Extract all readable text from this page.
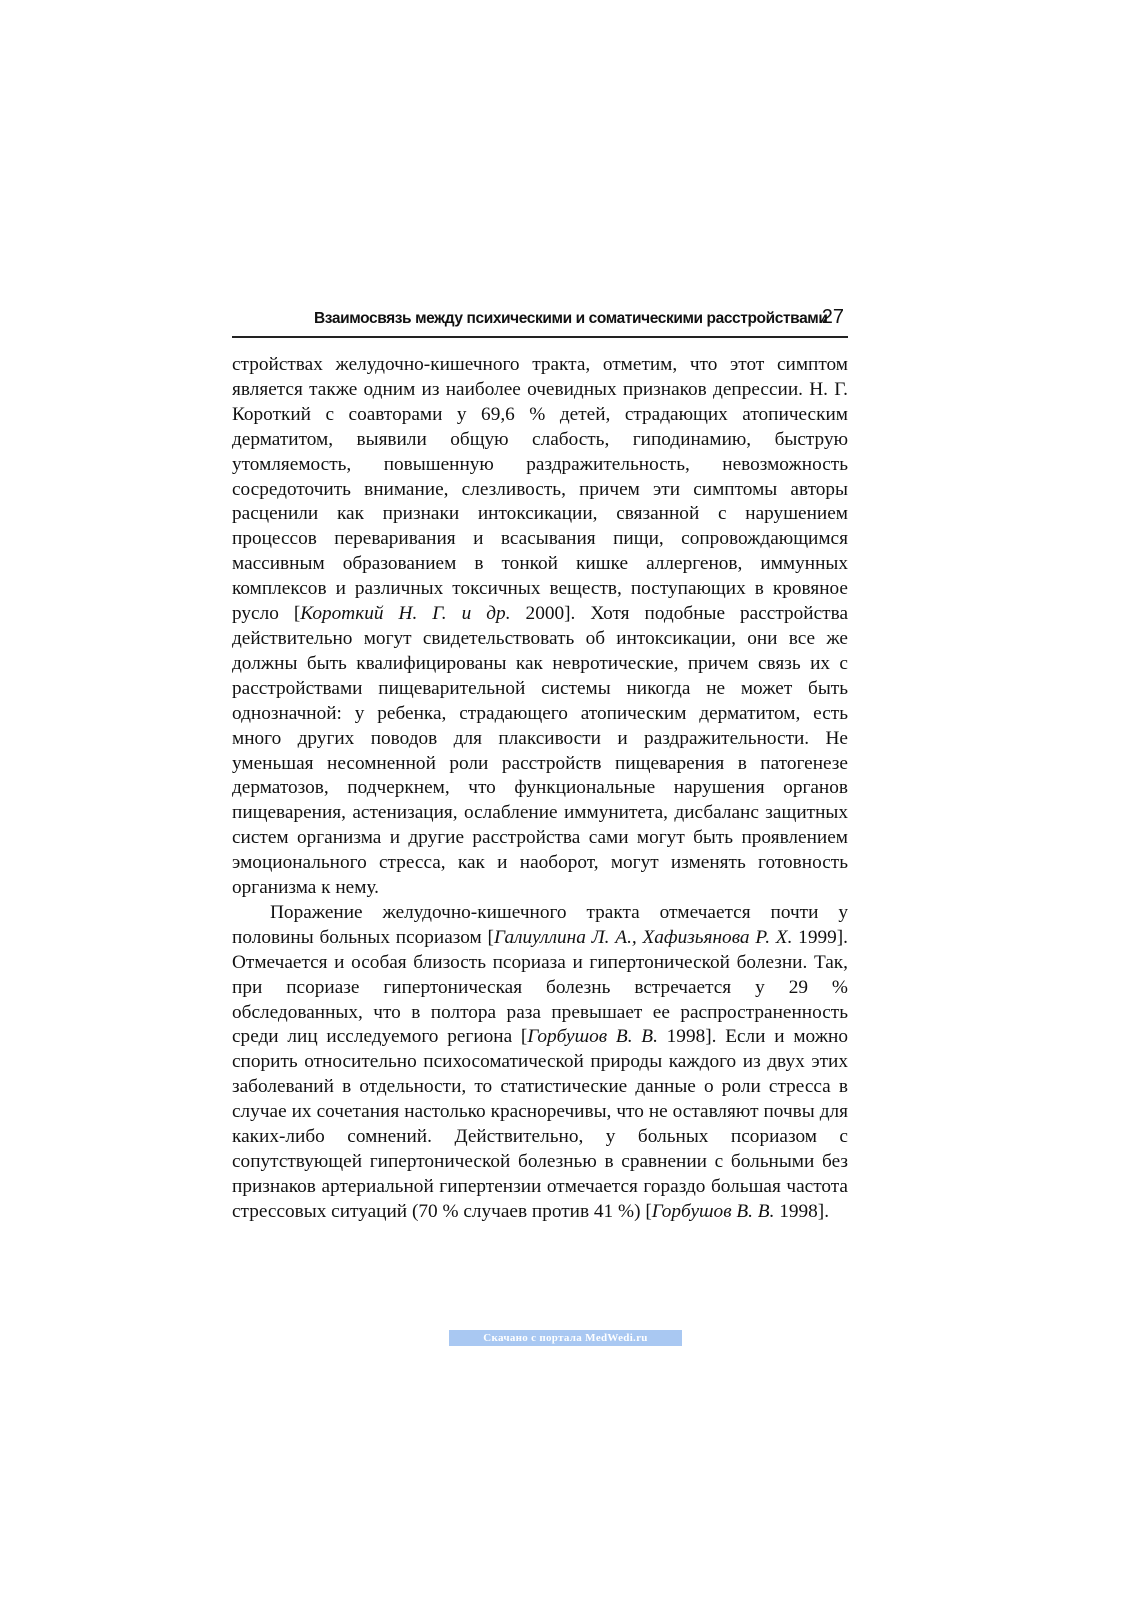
Взаимосвязь между психическими и соматическими расстройствами
27

стройствах желудочно-кишечного тракта, отметим, что этот симптом является также одним из наиболее очевидных признаков депрессии. Н. Г. Короткий с соавторами у 69,6 % детей, страдающих атопическим дерматитом, выявили общую слабость, гиподинамию, быструю утомляемость, повышенную раздражительность, невозможность сосредоточить внимание, слезливость, причем эти симптомы авторы расценили как признаки интоксикации, связанной с нарушением процессов переваривания и всасывания пищи, сопровождающимся массивным образованием в тонкой кишке аллергенов, иммунных комплексов и различных токсичных веществ, поступающих в кровяное русло [Короткий Н. Г. и др. 2000]. Хотя подобные расстройства действительно могут свидетельствовать об интоксикации, они все же должны быть квалифицированы как невротические, причем связь их с расстройствами пищеварительной системы никогда не может быть однозначной: у ребенка, страдающего атопическим дерматитом, есть много других поводов для плаксивости и раздражительности. Не уменьшая несомненной роли расстройств пищеварения в патогенезе дерматозов, подчеркнем, что функциональные нарушения органов пищеварения, астенизация, ослабление иммунитета, дисбаланс защитных систем организма и другие расстройства сами могут быть проявлением эмоционального стресса, как и наоборот, могут изменять готовность организма к нему.

Поражение желудочно-кишечного тракта отмечается почти у половины больных псориазом [Галиуллина Л. А., Хафизьянова Р. Х. 1999]. Отмечается и особая близость псориаза и гипертонической болезни. Так, при псориазе гипертоническая болезнь встречается у 29 % обследованных, что в полтора раза превышает ее распространенность среди лиц исследуемого региона [Горбушов В. В. 1998]. Если и можно спорить относительно психосоматической природы каждого из двух этих заболеваний в отдельности, то статистические данные о роли стресса в случае их сочетания настолько красноречивы, что не оставляют почвы для каких-либо сомнений. Действительно, у больных псориазом с сопутствующей гипертонической болезнью в сравнении с больными без признаков артериальной гипертензии отмечается гораздо большая частота стрессовых ситуаций (70 % случаев против 41 %) [Горбушов В. В. 1998].

Скачано с портала MedWedi.ru
